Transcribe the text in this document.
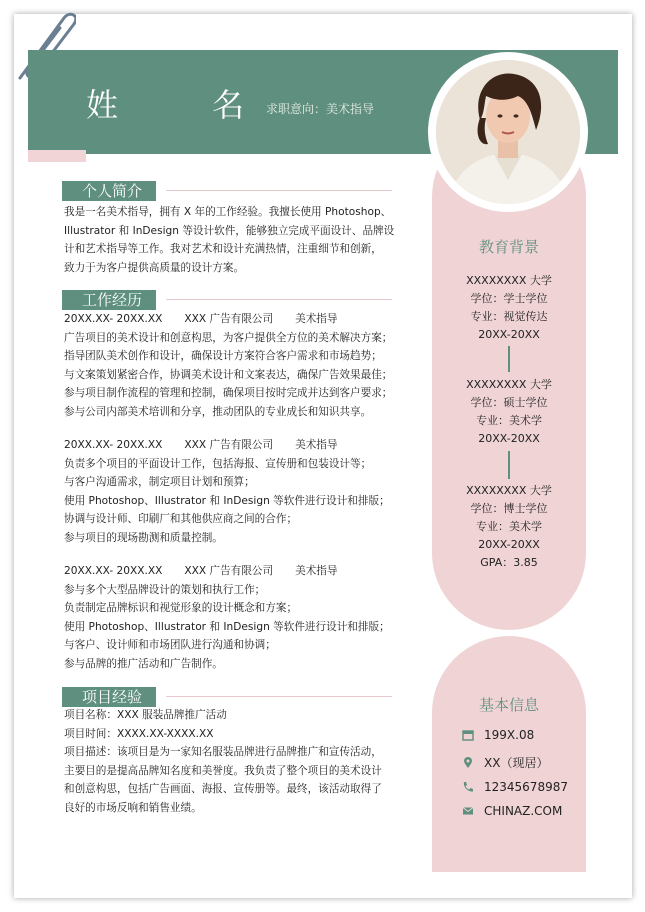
姓 名
求职意向：美术指导
教育背景
XXXXXXXX 大学
学位：学士学位
专业：视觉传达
20XX-20XX
XXXXXXXX 大学
学位：硕士学位
专业：美术学
20XX-20XX
XXXXXXXX 大学
学位：博士学位
专业：美术学
20XX-20XX
GPA：3.85
基本信息
199X.08
XX（现居）
12345678987
CHINAZ.COM
个人简介
我是一名美术指导，拥有 X 年的工作经验。我擅长使用 Photoshop、
Illustrator 和 InDesign 等设计软件，能够独立完成平面设计、品牌设
计和艺术指导等工作。我对艺术和设计充满热情，注重细节和创新，
致力于为客户提供高质量的设计方案。
工作经历
20XX.XX- 20XX.XX XXX 广告有限公司 美术指导
广告项目的美术设计和创意构思，为客户提供全方位的美术解决方案；
指导团队美术创作和设计，确保设计方案符合客户需求和市场趋势；
与文案策划紧密合作，协调美术设计和文案表达，确保广告效果最佳；
参与项目制作流程的管理和控制，确保项目按时完成并达到客户要求；
参与公司内部美术培训和分享，推动团队的专业成长和知识共享。
20XX.XX- 20XX.XX XXX 广告有限公司 美术指导
负责多个项目的平面设计工作，包括海报、宣传册和包装设计等；
与客户沟通需求，制定项目计划和预算；
使用 Photoshop、Illustrator 和 InDesign 等软件进行设计和排版；
协调与设计师、印刷厂和其他供应商之间的合作；
参与项目的现场勘测和质量控制。
20XX.XX- 20XX.XX XXX 广告有限公司 美术指导
参与多个大型品牌设计的策划和执行工作；
负责制定品牌标识和视觉形象的设计概念和方案；
使用 Photoshop、Illustrator 和 InDesign 等软件进行设计和排版；
与客户、设计师和市场团队进行沟通和协调；
参与品牌的推广活动和广告制作。
项目经验
项目名称：XXX 服装品牌推广活动
项目时间：XXXX.XX-XXXX.XX
项目描述：该项目是为一家知名服装品牌进行品牌推广和宣传活动，
主要目的是提高品牌知名度和美誉度。我负责了整个项目的美术设计
和创意构思，包括广告画面、海报、宣传册等。最终，该活动取得了
良好的市场反响和销售业绩。
